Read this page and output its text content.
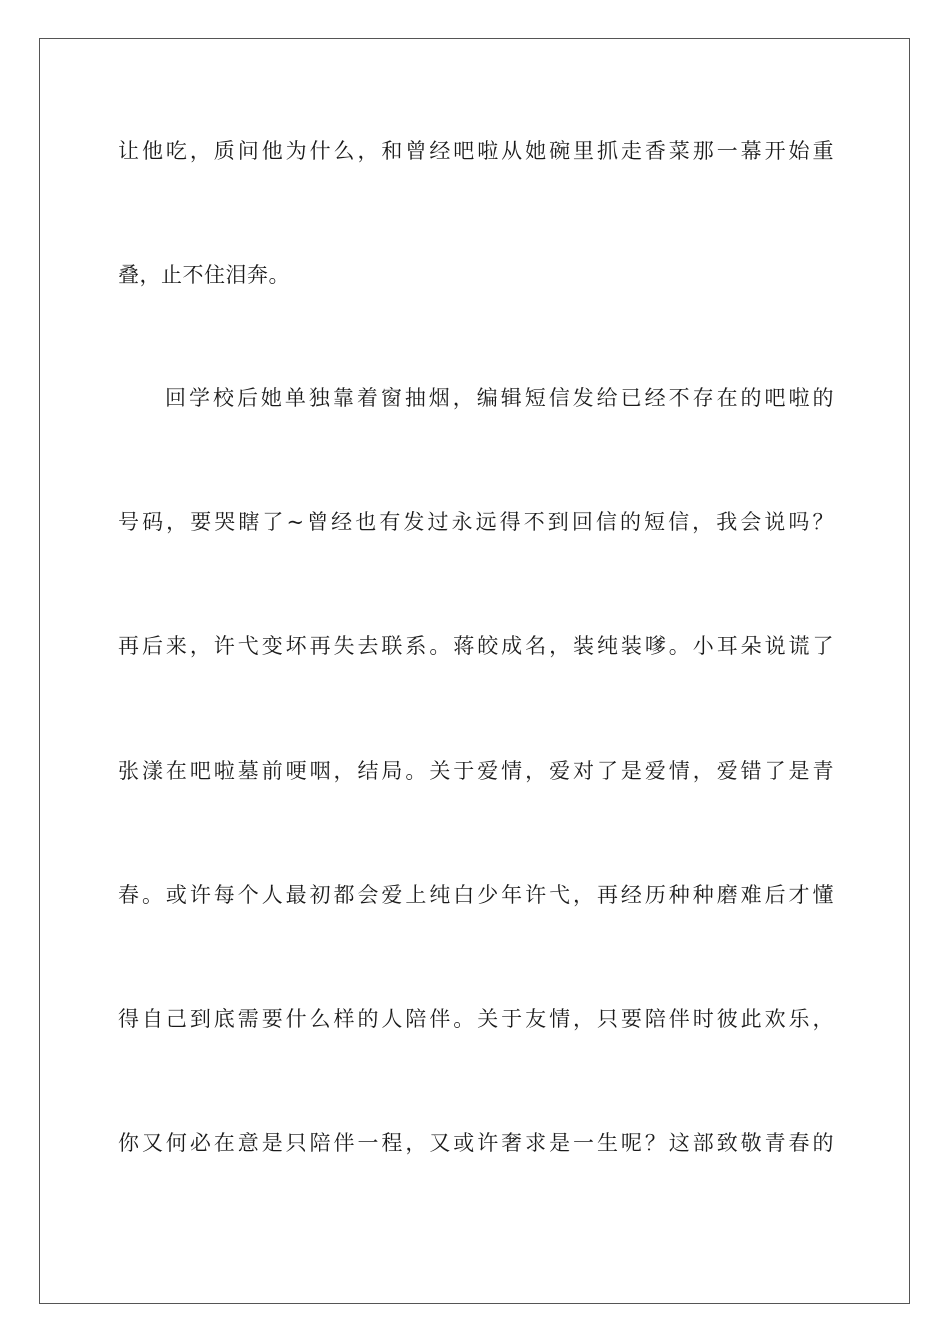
让他吃，质问他为什么，和曾经吧啦从她碗里抓走香菜那一幕开始重
叠，止不住泪奔。
回学校后她单独靠着窗抽烟，编辑短信发给已经不存在的吧啦的
号码，要哭瞎了~曾经也有发过永远得不到回信的短信，我会说吗？
再后来，许弋变坏再失去联系。蒋皎成名，装纯装嗲。小耳朵说谎了
张漾在吧啦墓前哽咽，结局。关于爱情，爱对了是爱情，爱错了是青
春。或许每个人最初都会爱上纯白少年许弋，再经历种种磨难后才懂
得自己到底需要什么样的人陪伴。关于友情，只要陪伴时彼此欢乐，
你又何必在意是只陪伴一程，又或许奢求是一生呢？这部致敬青春的
